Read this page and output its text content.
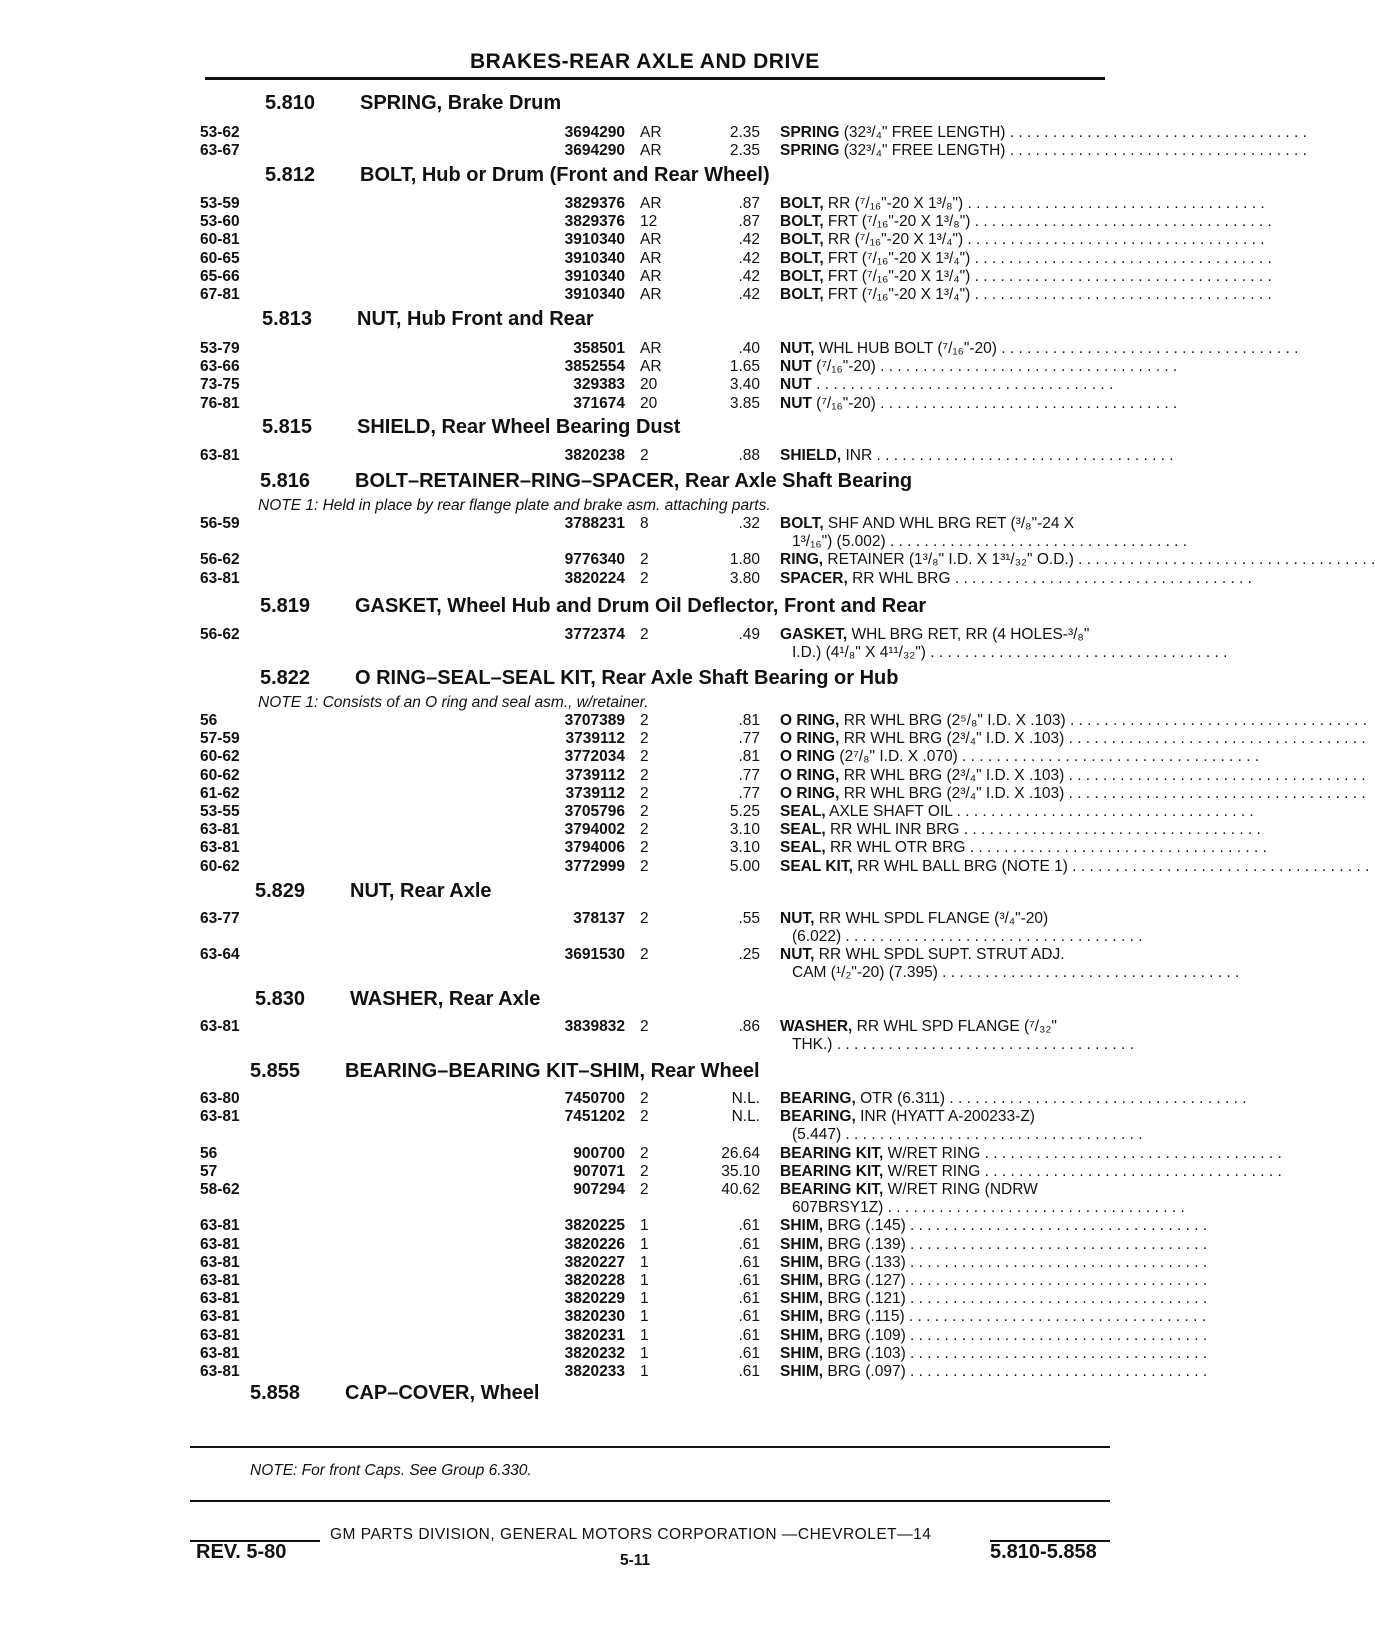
BRAKES-REAR AXLE AND DRIVE
5.810 SPRING, Brake Drum
53-62	3694290 AR	2.35 SPRING (32³/₄" FREE LENGTH) . . . . . . . . . . . . . . . . . . . . . . . . . . . . . . . . . . .
63-67	3694290 AR	2.35 SPRING (32³/₄" FREE LENGTH) . . . . . . . . . . . . . . . . . . . . . . . . . . . . . . . . . . .
5.812 BOLT, Hub or Drum (Front and Rear Wheel)
53-59	3829376 AR	.87 BOLT, RR (⁷/₁₆"-20 X 1³/₈") . . . . . . . . . . . . . . . . . . . . . . . . . . . . . . . . . . .
53-60	3829376 12	.87 BOLT, FRT (⁷/₁₆"-20 X 1³/₈") . . . . . . . . . . . . . . . . . . . . . . . . . . . . . . . . . . .
60-81	3910340 AR	.42 BOLT, RR (⁷/₁₆"-20 X 1³/₄") . . . . . . . . . . . . . . . . . . . . . . . . . . . . . . . . . . .
60-65	3910340 AR	.42 BOLT, FRT (⁷/₁₆"-20 X 1³/₄") . . . . . . . . . . . . . . . . . . . . . . . . . . . . . . . . . . .
65-66	3910340 AR	.42 BOLT, FRT (⁷/₁₆"-20 X 1³/₄") . . . . . . . . . . . . . . . . . . . . . . . . . . . . . . . . . . .
67-81	3910340 AR	.42 BOLT, FRT (⁷/₁₆"-20 X 1³/₄") . . . . . . . . . . . . . . . . . . . . . . . . . . . . . . . . . . .
5.813 NUT, Hub Front and Rear
53-79	358501 AR	.40 NUT, WHL HUB BOLT (⁷/₁₆"-20) . . . . . . . . . . . . . . . . . . . . . . . . . . . . . . . . . . .
63-66	3852554 AR	1.65 NUT (⁷/₁₆"-20) . . . . . . . . . . . . . . . . . . . . . . . . . . . . . . . . . . .
73-75	329383 20	3.40 NUT . . . . . . . . . . . . . . . . . . . . . . . . . . . . . . . . . . .
76-81	371674 20	3.85 NUT (⁷/₁₆"-20) . . . . . . . . . . . . . . . . . . . . . . . . . . . . . . . . . . .
5.815 SHIELD, Rear Wheel Bearing Dust
63-81	3820238 2	.88 SHIELD, INR . . . . . . . . . . . . . . . . . . . . . . . . . . . . . . . . . . .
5.816 BOLT–RETAINER–RING–SPACER, Rear Axle Shaft Bearing
NOTE 1: Held in place by rear flange plate and brake asm. attaching parts.
56-59	3788231 8	.32 BOLT, SHF AND WHL BRG RET (³/₈"-24 X
1³/₁₆") (5.002) . . . . . . . . . . . . . . . . . . . . . . . . . . . . . . . . . . .
56-62	9776340 2	1.80 RING, RETAINER (1³/₈" I.D. X 1³¹/₃₂" O.D.) . . . . . . . . . . . . . . . . . . . . . . . . . . . . . . . . . . .
63-81	3820224 2	3.80 SPACER, RR WHL BRG . . . . . . . . . . . . . . . . . . . . . . . . . . . . . . . . . . .
5.819 GASKET, Wheel Hub and Drum Oil Deflector, Front and Rear
56-62	3772374 2	.49 GASKET, WHL BRG RET, RR (4 HOLES-³/₈"
I.D.) (4¹/₈" X 4¹¹/₃₂") . . . . . . . . . . . . . . . . . . . . . . . . . . . . . . . . . . .
5.822 O RING–SEAL–SEAL KIT, Rear Axle Shaft Bearing or Hub
NOTE 1: Consists of an O ring and seal asm., w/retainer.
56	3707389 2	.81 O RING, RR WHL BRG (2⁵/₈" I.D. X .103) . . . . . . . . . . . . . . . . . . . . . . . . . . . . . . . . . . .
57-59	3739112 2	.77 O RING, RR WHL BRG (2³/₄" I.D. X .103) . . . . . . . . . . . . . . . . . . . . . . . . . . . . . . . . . . .
60-62	3772034 2	.81 O RING (2⁷/₈" I.D. X .070) . . . . . . . . . . . . . . . . . . . . . . . . . . . . . . . . . . .
60-62	3739112 2	.77 O RING, RR WHL BRG (2³/₄" I.D. X .103) . . . . . . . . . . . . . . . . . . . . . . . . . . . . . . . . . . .
61-62	3739112 2	.77 O RING, RR WHL BRG (2³/₄" I.D. X .103) . . . . . . . . . . . . . . . . . . . . . . . . . . . . . . . . . . .
53-55	3705796 2	5.25 SEAL, AXLE SHAFT OIL . . . . . . . . . . . . . . . . . . . . . . . . . . . . . . . . . . .
63-81	3794002 2	3.10 SEAL, RR WHL INR BRG . . . . . . . . . . . . . . . . . . . . . . . . . . . . . . . . . . .
63-81	3794006 2	3.10 SEAL, RR WHL OTR BRG . . . . . . . . . . . . . . . . . . . . . . . . . . . . . . . . . . .
60-62	3772999 2	5.00 SEAL KIT, RR WHL BALL BRG (NOTE 1) . . . . . . . . . . . . . . . . . . . . . . . . . . . . . . . . . . .
5.829 NUT, Rear Axle
63-77	378137 2	.55 NUT, RR WHL SPDL FLANGE (³/₄"-20)
(6.022) . . . . . . . . . . . . . . . . . . . . . . . . . . . . . . . . . . .
63-64	3691530 2	.25 NUT, RR WHL SPDL SUPT. STRUT ADJ.
CAM (¹/₂"-20) (7.395) . . . . . . . . . . . . . . . . . . . . . . . . . . . . . . . . . . .
5.830 WASHER, Rear Axle
63-81	3839832 2	.86 WASHER, RR WHL SPD FLANGE (⁷/₃₂"
THK.) . . . . . . . . . . . . . . . . . . . . . . . . . . . . . . . . . . .
5.855 BEARING–BEARING KIT–SHIM, Rear Wheel
63-80	7450700 2	N.L. BEARING, OTR (6.311) . . . . . . . . . . . . . . . . . . . . . . . . . . . . . . . . . . .
63-81	7451202 2	N.L. BEARING, INR (HYATT A-200233-Z)
(5.447) . . . . . . . . . . . . . . . . . . . . . . . . . . . . . . . . . . .
56	900700 2	26.64 BEARING KIT, W/RET RING . . . . . . . . . . . . . . . . . . . . . . . . . . . . . . . . . . .
57	907071 2	35.10 BEARING KIT, W/RET RING . . . . . . . . . . . . . . . . . . . . . . . . . . . . . . . . . . .
58-62	907294 2	40.62 BEARING KIT, W/RET RING (NDRW
607BRSY1Z) . . . . . . . . . . . . . . . . . . . . . . . . . . . . . . . . . . .
63-81	3820225 1	.61 SHIM, BRG (.145) . . . . . . . . . . . . . . . . . . . . . . . . . . . . . . . . . . .
63-81	3820226 1	.61 SHIM, BRG (.139) . . . . . . . . . . . . . . . . . . . . . . . . . . . . . . . . . . .
63-81	3820227 1	.61 SHIM, BRG (.133) . . . . . . . . . . . . . . . . . . . . . . . . . . . . . . . . . . .
63-81	3820228 1	.61 SHIM, BRG (.127) . . . . . . . . . . . . . . . . . . . . . . . . . . . . . . . . . . .
63-81	3820229 1	.61 SHIM, BRG (.121) . . . . . . . . . . . . . . . . . . . . . . . . . . . . . . . . . . .
63-81	3820230 1	.61 SHIM, BRG (.115) . . . . . . . . . . . . . . . . . . . . . . . . . . . . . . . . . . .
63-81	3820231 1	.61 SHIM, BRG (.109) . . . . . . . . . . . . . . . . . . . . . . . . . . . . . . . . . . .
63-81	3820232 1	.61 SHIM, BRG (.103) . . . . . . . . . . . . . . . . . . . . . . . . . . . . . . . . . . .
63-81	3820233 1	.61 SHIM, BRG (.097) . . . . . . . . . . . . . . . . . . . . . . . . . . . . . . . . . . .
5.858 CAP–COVER, Wheel
NOTE: For front Caps. See Group 6.330.
GM PARTS DIVISION, GENERAL MOTORS CORPORATION —CHEVROLET—14
REV. 5-80	5-11	5.810-5.858
